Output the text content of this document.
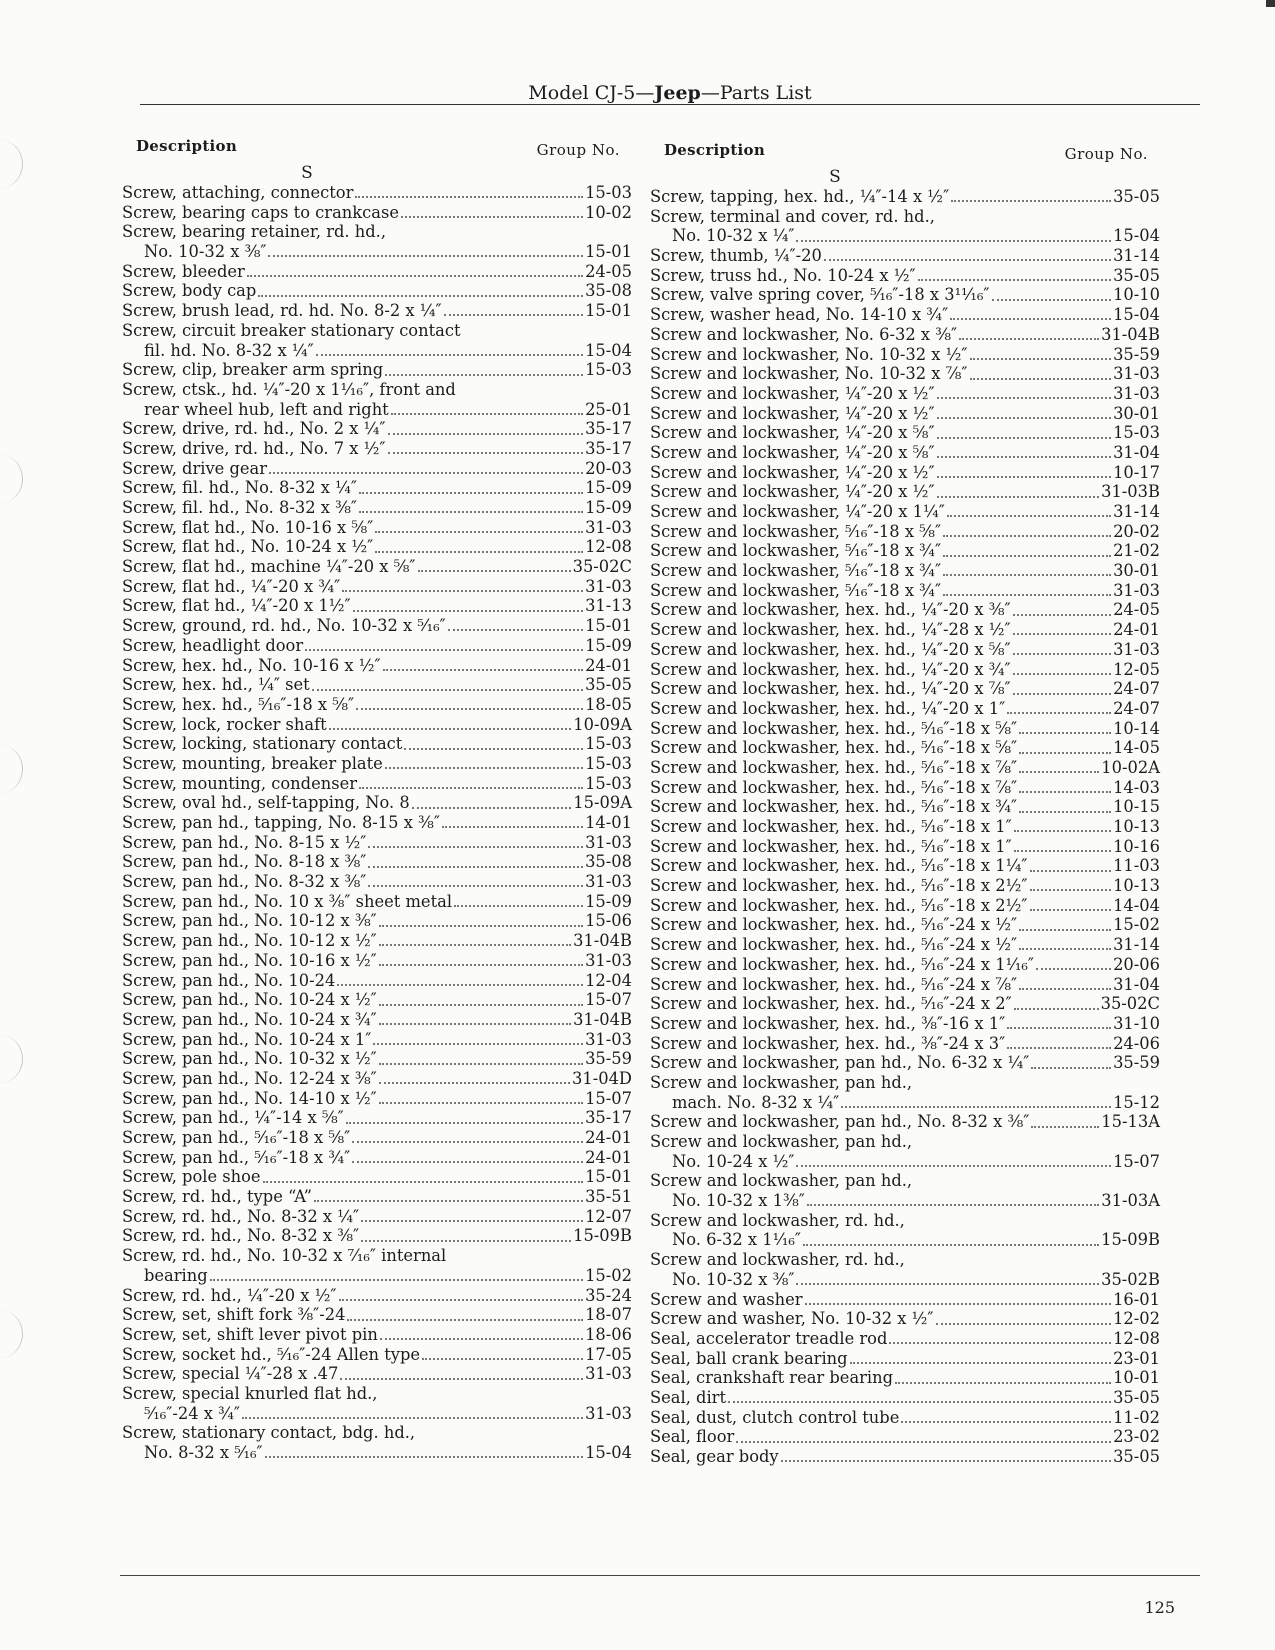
Model CJ-5—Jeep—Parts List
Description	Group No.
S
Screw, attaching, connector	15-03
Screw, bearing caps to crankcase	10-02
Screw, bearing retainer, rd. hd.,
No. 10-32 x ⅜″	15-01
Screw, bleeder	24-05
Screw, body cap	35-08
Screw, brush lead, rd. hd. No. 8-2 x ¼″	15-01
Screw, circuit breaker stationary contact
fil. hd. No. 8-32 x ¼″	15-04
Screw, clip, breaker arm spring	15-03
Screw, ctsk., hd. ¼″-20 x 1¹⁄₁₆″, front and
rear wheel hub, left and right	25-01
Screw, drive, rd. hd., No. 2 x ¼″	35-17
Screw, drive, rd. hd., No. 7 x ½″	35-17
Screw, drive gear	20-03
Screw, fil. hd., No. 8-32 x ¼″	15-09
Screw, fil. hd., No. 8-32 x ⅜″	15-09
Screw, flat hd., No. 10-16 x ⅝″	31-03
Screw, flat hd., No. 10-24 x ½″	12-08
Screw, flat hd., machine ¼″-20 x ⅝″	35-02C
Screw, flat hd., ¼″-20 x ¾″	31-03
Screw, flat hd., ¼″-20 x 1½″	31-13
Screw, ground, rd. hd., No. 10-32 x ⁵⁄₁₆″	15-01
Screw, headlight door	15-09
Screw, hex. hd., No. 10-16 x ½″	24-01
Screw, hex. hd., ¼″ set	35-05
Screw, hex. hd., ⁵⁄₁₆″-18 x ⅝″	18-05
Screw, lock, rocker shaft	10-09A
Screw, locking, stationary contact	15-03
Screw, mounting, breaker plate	15-03
Screw, mounting, condenser	15-03
Screw, oval hd., self-tapping, No. 8	15-09A
Screw, pan hd., tapping, No. 8-15 x ⅜″	14-01
Screw, pan hd., No. 8-15 x ½″	31-03
Screw, pan hd., No. 8-18 x ⅜″	35-08
Screw, pan hd., No. 8-32 x ⅜″	31-03
Screw, pan hd., No. 10 x ⅜″ sheet metal	15-09
Screw, pan hd., No. 10-12 x ⅜″	15-06
Screw, pan hd., No. 10-12 x ½″	31-04B
Screw, pan hd., No. 10-16 x ½″	31-03
Screw, pan hd., No. 10-24	12-04
Screw, pan hd., No. 10-24 x ½″	15-07
Screw, pan hd., No. 10-24 x ¾″	31-04B
Screw, pan hd., No. 10-24 x 1″	31-03
Screw, pan hd., No. 10-32 x ½″	35-59
Screw, pan hd., No. 12-24 x ⅜″	31-04D
Screw, pan hd., No. 14-10 x ½″	15-07
Screw, pan hd., ¼″-14 x ⅝″	35-17
Screw, pan hd., ⁵⁄₁₆″-18 x ⅝″	24-01
Screw, pan hd., ⁵⁄₁₆″-18 x ¾″	24-01
Screw, pole shoe	15-01
Screw, rd. hd., type “A”	35-51
Screw, rd. hd., No. 8-32 x ¼″	12-07
Screw, rd. hd., No. 8-32 x ⅜″	15-09B
Screw, rd. hd., No. 10-32 x ⁷⁄₁₆″ internal
bearing	15-02
Screw, rd. hd., ¼″-20 x ½″	35-24
Screw, set, shift fork ⅜″-24	18-07
Screw, set, shift lever pivot pin	18-06
Screw, socket hd., ⁵⁄₁₆″-24 Allen type	17-05
Screw, special ¼″-28 x .47	31-03
Screw, special knurled flat hd.,
⁵⁄₁₆″-24 x ¾″	31-03
Screw, stationary contact, bdg. hd.,
No. 8-32 x ⁵⁄₁₆″	15-04
Description	Group No.
S
Screw, tapping, hex. hd., ¼″-14 x ½″	35-05
Screw, terminal and cover, rd. hd.,
No. 10-32 x ¼″	15-04
Screw, thumb, ¼″-20	31-14
Screw, truss hd., No. 10-24 x ½″	35-05
Screw, valve spring cover, ⁵⁄₁₆″-18 x 3¹¹⁄₁₆″	10-10
Screw, washer head, No. 14-10 x ¾″	15-04
Screw and lockwasher, No. 6-32 x ⅜″	31-04B
Screw and lockwasher, No. 10-32 x ½″	35-59
Screw and lockwasher, No. 10-32 x ⅞″	31-03
Screw and lockwasher, ¼″-20 x ½″	31-03
Screw and lockwasher, ¼″-20 x ½″	30-01
Screw and lockwasher, ¼″-20 x ⅝″	15-03
Screw and lockwasher, ¼″-20 x ⅝″	31-04
Screw and lockwasher, ¼″-20 x ½″	10-17
Screw and lockwasher, ¼″-20 x ½″	31-03B
Screw and lockwasher, ¼″-20 x 1¼″	31-14
Screw and lockwasher, ⁵⁄₁₆″-18 x ⅝″	20-02
Screw and lockwasher, ⁵⁄₁₆″-18 x ¾″	21-02
Screw and lockwasher, ⁵⁄₁₆″-18 x ¾″	30-01
Screw and lockwasher, ⁵⁄₁₆″-18 x ¾″	31-03
Screw and lockwasher, hex. hd., ¼″-20 x ⅜″	24-05
Screw and lockwasher, hex. hd., ¼″-28 x ½″	24-01
Screw and lockwasher, hex. hd., ¼″-20 x ⅝″	31-03
Screw and lockwasher, hex. hd., ¼″-20 x ¾″	12-05
Screw and lockwasher, hex. hd., ¼″-20 x ⅞″	24-07
Screw and lockwasher, hex. hd., ¼″-20 x 1″	24-07
Screw and lockwasher, hex. hd., ⁵⁄₁₆″-18 x ⅝″	10-14
Screw and lockwasher, hex. hd., ⁵⁄₁₆″-18 x ⅝″	14-05
Screw and lockwasher, hex. hd., ⁵⁄₁₆″-18 x ⅞″	10-02A
Screw and lockwasher, hex. hd., ⁵⁄₁₆″-18 x ⅞″	14-03
Screw and lockwasher, hex. hd., ⁵⁄₁₆″-18 x ¾″	10-15
Screw and lockwasher, hex. hd., ⁵⁄₁₆″-18 x 1″	10-13
Screw and lockwasher, hex. hd., ⁵⁄₁₆″-18 x 1″	10-16
Screw and lockwasher, hex. hd., ⁵⁄₁₆″-18 x 1¼″	11-03
Screw and lockwasher, hex. hd., ⁵⁄₁₆″-18 x 2½″	10-13
Screw and lockwasher, hex. hd., ⁵⁄₁₆″-18 x 2½″	14-04
Screw and lockwasher, hex. hd., ⁵⁄₁₆″-24 x ½″	15-02
Screw and lockwasher, hex. hd., ⁵⁄₁₆″-24 x ½″	31-14
Screw and lockwasher, hex. hd., ⁵⁄₁₆″-24 x 1¹⁄₁₆″	20-06
Screw and lockwasher, hex. hd., ⁵⁄₁₆″-24 x ⅞″	31-04
Screw and lockwasher, hex. hd., ⁵⁄₁₆″-24 x 2″	35-02C
Screw and lockwasher, hex. hd., ⅜″-16 x 1″	31-10
Screw and lockwasher, hex. hd., ⅜″-24 x 3″	24-06
Screw and lockwasher, pan hd., No. 6-32 x ¼″	35-59
Screw and lockwasher, pan hd.,
mach. No. 8-32 x ¼″	15-12
Screw and lockwasher, pan hd., No. 8-32 x ⅜″	15-13A
Screw and lockwasher, pan hd.,
No. 10-24 x ½″	15-07
Screw and lockwasher, pan hd.,
No. 10-32 x 1⅜″	31-03A
Screw and lockwasher, rd. hd.,
No. 6-32 x 1¹⁄₁₆″	15-09B
Screw and lockwasher, rd. hd.,
No. 10-32 x ⅜″	35-02B
Screw and washer	16-01
Screw and washer, No. 10-32 x ½″	12-02
Seal, accelerator treadle rod	12-08
Seal, ball crank bearing	23-01
Seal, crankshaft rear bearing	10-01
Seal, dirt	35-05
Seal, dust, clutch control tube	11-02
Seal, floor	23-02
Seal, gear body	35-05
125
